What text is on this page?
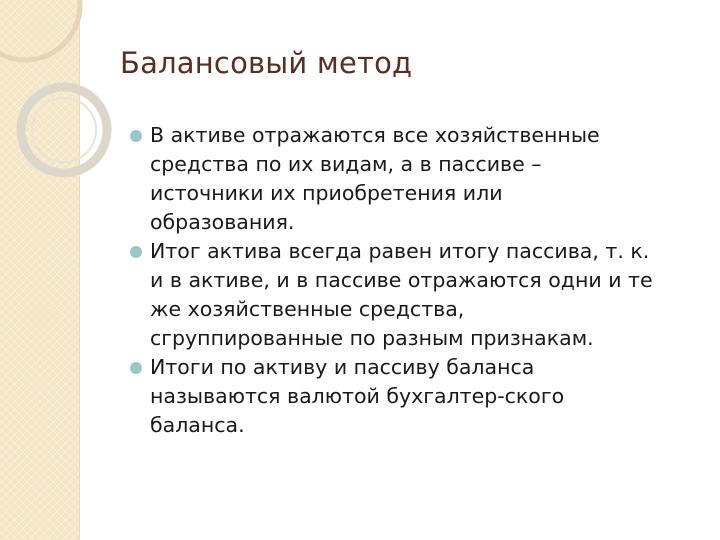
Балансовый метод
В активе отражаются все хозяйственные
средства по их видам, а в пассиве –
источники их приобретения или
образования.
Итог актива всегда равен итогу пассива, т. к.
и в активе, и в пассиве отражаются одни и те
же хозяйственные средства,
сгруппированные по разным признакам.
Итоги по активу и пассиву баланса
называются валютой бухгалтер-ского
баланса.
